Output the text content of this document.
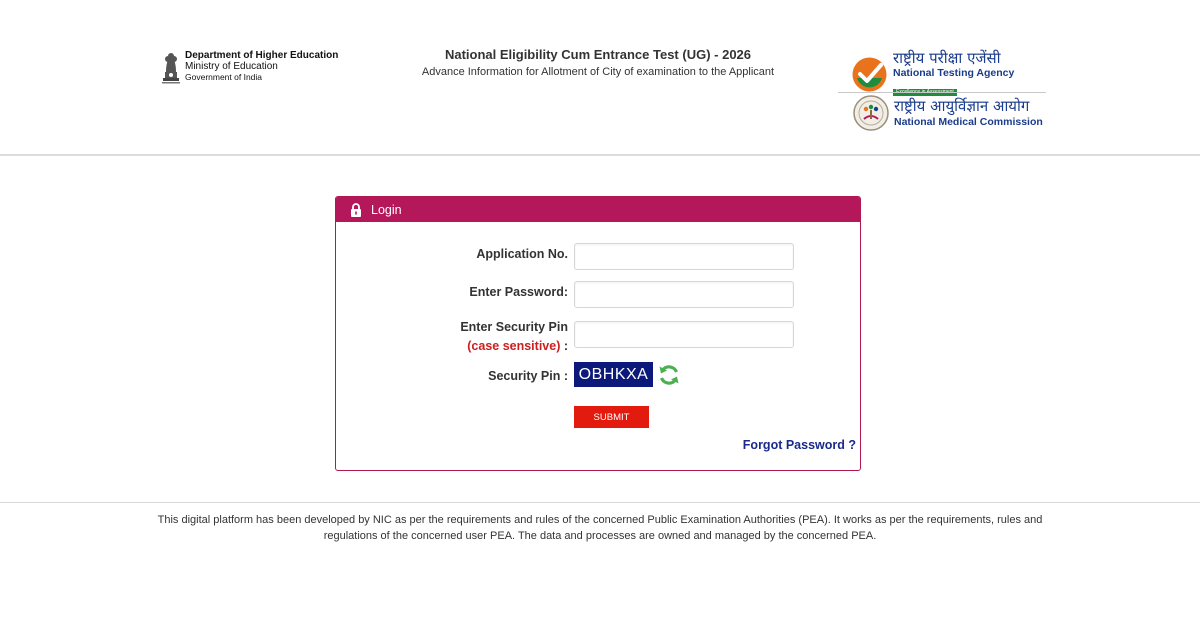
Department of Higher Education
Ministry of Education
Government of India
National Eligibility Cum Entrance Test (UG) - 2026
Advance Information for Allotment of City of examination to the Applicant
राष्ट्रीय परीक्षा एजेंसी
National Testing Agency
राष्ट्रीय आयुर्विज्ञान आयोग
National Medical Commission
Login
Application No.
Enter Password:
Enter Security Pin
(case sensitive) :
Security Pin : OBHKXA
SUBMIT
Forgot Password ?

This digital platform has been developed by NIC as per the requirements and rules of the concerned Public Examination Authorities (PEA). It works as per the requirements, rules and regulations of the concerned user PEA. The data and processes are owned and managed by the concerned PEA.
